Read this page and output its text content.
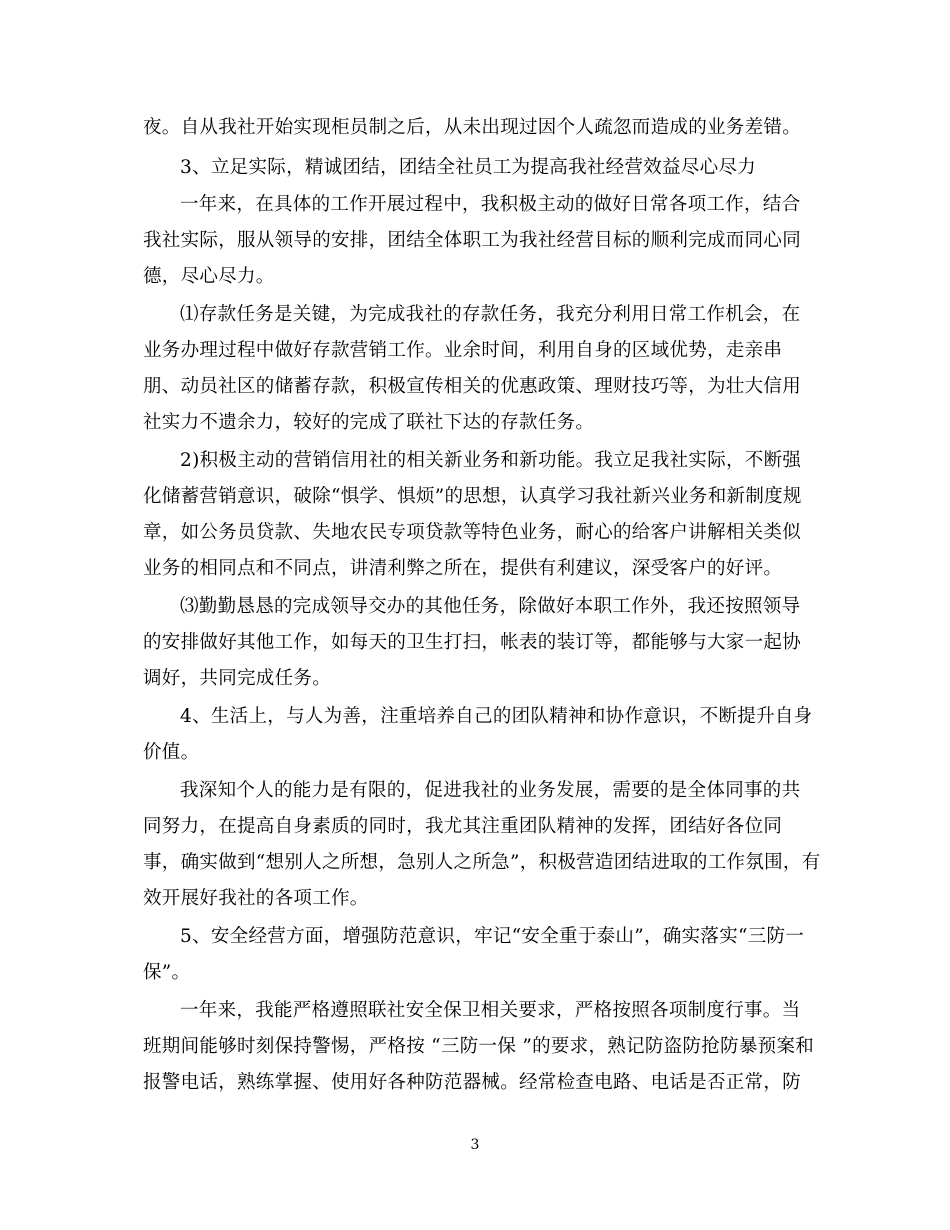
夜。自从我社开始实现柜员制之后，从未出现过因个人疏忽而造成的业务差错。
3、立足实际，精诚团结，团结全社员工为提高我社经营效益尽心尽力
一年来，在具体的工作开展过程中，我积极主动的做好日常各项工作，结合
我社实际，服从领导的安排，团结全体职工为我社经营目标的顺利完成而同心同
德，尽心尽力。
⑴存款任务是关键，为完成我社的存款任务，我充分利用日常工作机会，在
业务办理过程中做好存款营销工作。业余时间，利用自身的区域优势，走亲串
朋、动员社区的储蓄存款，积极宣传相关的优惠政策、理财技巧等，为壮大信用
社实力不遗余力，较好的完成了联社下达的存款任务。
2)积极主动的营销信用社的相关新业务和新功能。我立足我社实际，不断强
化储蓄营销意识，破除“惧学、惧烦”的思想，认真学习我社新兴业务和新制度规
章，如公务员贷款、失地农民专项贷款等特色业务，耐心的给客户讲解相关类似
业务的相同点和不同点，讲清利弊之所在，提供有利建议，深受客户的好评。
⑶勤勤恳恳的完成领导交办的其他任务，除做好本职工作外，我还按照领导
的安排做好其他工作，如每天的卫生打扫，帐表的装订等，都能够与大家一起协
调好，共同完成任务。
4、生活上，与人为善，注重培养自己的团队精神和协作意识，不断提升自身
价值。
我深知个人的能力是有限的，促进我社的业务发展，需要的是全体同事的共
同努力，在提高自身素质的同时，我尤其注重团队精神的发挥，团结好各位同
事，确实做到“想别人之所想，急别人之所急”，积极营造团结进取的工作氛围，有
效开展好我社的各项工作。
5、安全经营方面，增强防范意识，牢记“安全重于泰山”，确实落实“三防一
保”。
一年来，我能严格遵照联社安全保卫相关要求，严格按照各项制度行事。当
班期间能够时刻保持警惕，严格按 “三防一保 ”的要求，熟记防盗防抢防暴预案和
报警电话，熟练掌握、使用好各种防范器械。经常检查电路、电话是否正常，防
3
